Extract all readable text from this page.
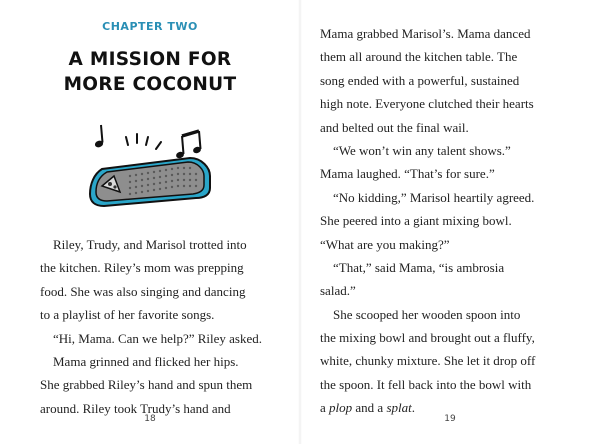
CHAPTER TWO
A MISSION FOR
MORE COCONUT
Riley, Trudy, and Marisol trotted into
the kitchen. Riley’s mom was prepping
food. She was also singing and dancing
to a playlist of her favorite songs.
“Hi, Mama. Can we help?” Riley asked.
Mama grinned and flicked her hips.
She grabbed Riley’s hand and spun them
around. Riley took Trudy’s hand and
18
Mama grabbed Marisol’s. Mama danced
them all around the kitchen table. The
song ended with a powerful, sustained
high note. Everyone clutched their hearts
and belted out the final wail.
“We won’t win any talent shows.”
Mama laughed. “That’s for sure.”
“No kidding,” Marisol heartily agreed.
She peered into a giant mixing bowl.
“What are you making?”
“That,” said Mama, “is ambrosia
salad.”
She scooped her wooden spoon into
the mixing bowl and brought out a fluffy,
white, chunky mixture. She let it drop off
the spoon. It fell back into the bowl with
a plop and a splat.
19
